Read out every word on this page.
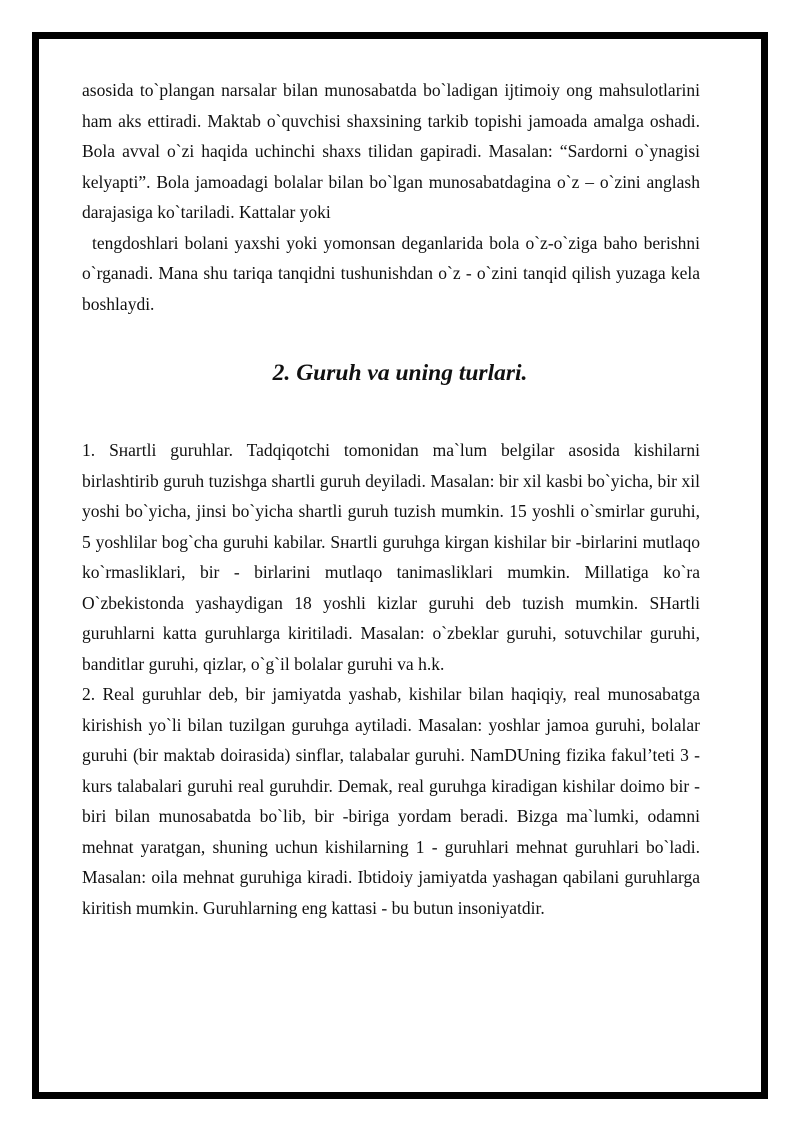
asosida to`plangan narsalar bilan munosabatda bo`ladigan ijtimoiy ong mahsulotlarini ham aks ettiradi. Maktab o`quvchisi shaxsining tarkib topishi jamoada amalga oshadi. Bola avval o`zi haqida uchinchi shaxs tilidan gapiradi. Masalan: “Sardorni o`ynagisi kelyapti”. Bola jamoadagi bolalar bilan bo`lgan munosabatdagina o`z – o`zini anglash darajasiga ko`tariladi. Kattalar yoki
tengdoshlari bolani yaxshi yoki yomonsan deganlarida bola o`z-o`ziga baho berishni o`rganadi. Mana shu tariqa tanqidni tushunishdan o`z - o`zini tanqid qilish yuzaga kela boshlaydi.

2. Guruh va uning turlari.

1. Sнartli guruhlar. Tadqiqotchi tomonidan ma`lum belgilar asosida kishilarni birlashtirib guruh tuzishga shartli guruh deyiladi. Masalan: bir xil kasbi bo`yicha, bir xil yoshi bo`yicha, jinsi bo`yicha shartli guruh tuzish mumkin. 15 yoshli o`smirlar guruhi, 5 yoshlilar bog`cha guruhi kabilar. Sнartli guruhga kirgan kishilar bir -birlarini mutlaqo ko`rmasliklari, bir - birlarini mutlaqo tanimasliklari mumkin. Millatiga ko`ra O`zbekistonda yashaydigan 18 yoshli kizlar guruhi deb tuzish mumkin. SHartli guruhlarni katta guruhlarga kiritiladi. Masalan: o`zbeklar guruhi, sotuvchilar guruhi, banditlar guruhi, qizlar, o`g`il bolalar guruhi va h.k.

2. Real guruhlar deb, bir jamiyatda yashab, kishilar bilan haqiqiy, real munosabatga kirishish yo`li bilan tuzilgan guruhga aytiladi. Masalan: yoshlar jamoa guruhi, bolalar guruhi (bir maktab doirasida) sinflar, talabalar guruhi. NamDUning fizika fakul’teti 3 - kurs talabalari guruhi real guruhdir. Demak, real guruhga kiradigan kishilar doimo bir - biri bilan munosabatda bo`lib, bir -biriga yordam beradi. Bizga ma`lumki, odamni mehnat yaratgan, shuning uchun kishilarning 1 - guruhlari mehnat guruhlari bo`ladi. Masalan: oila mehnat guruhiga kiradi. Ibtidoiy jamiyatda yashagan qabilani guruhlarga kiritish mumkin. Guruhlarning eng kattasi - bu butun insoniyatdir.
